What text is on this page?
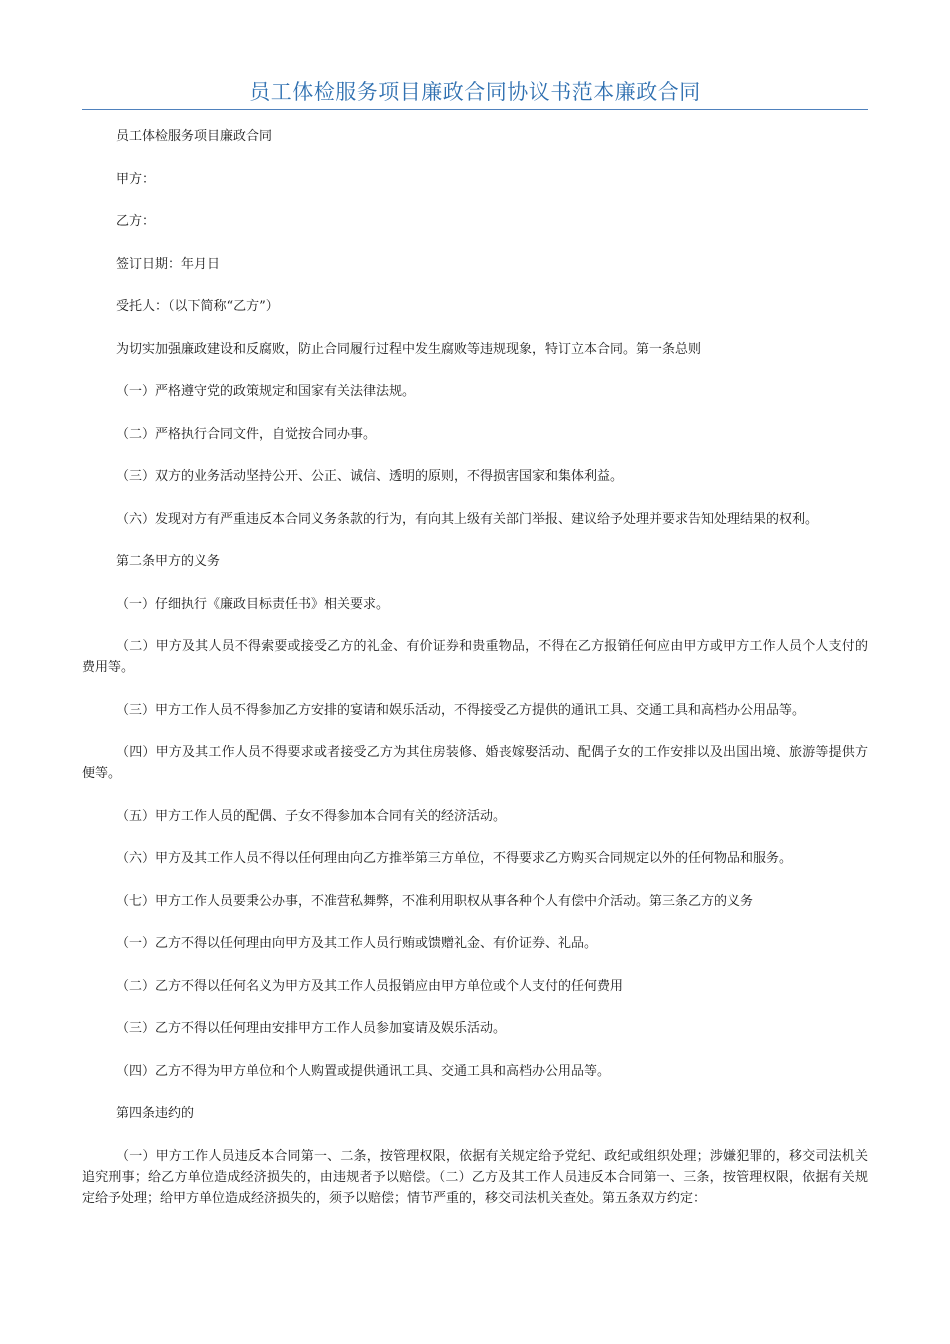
员工体检服务项目廉政合同协议书范本廉政合同

员工体检服务项目廉政合同

甲方：

乙方：

签订日期：年月日

受托人：（以下简称“乙方”）

为切实加强廉政建设和反腐败，防止合同履行过程中发生腐败等违规现象，特订立本合同。第一条总则

（一）严格遵守党的政策规定和国家有关法律法规。

（二）严格执行合同文件，自觉按合同办事。

（三）双方的业务活动坚持公开、公正、诚信、透明的原则，不得损害国家和集体利益。

（六）发现对方有严重违反本合同义务条款的行为，有向其上级有关部门举报、建议给予处理并要求告知处理结果的权利。

第二条甲方的义务

（一）仔细执行《廉政目标责任书》相关要求。

（二）甲方及其人员不得索要或接受乙方的礼金、有价证券和贵重物品，不得在乙方报销任何应由甲方或甲方工作人员个人支付的费用等。

（三）甲方工作人员不得参加乙方安排的宴请和娱乐活动，不得接受乙方提供的通讯工具、交通工具和高档办公用品等。

（四）甲方及其工作人员不得要求或者接受乙方为其住房装修、婚丧嫁娶活动、配偶子女的工作安排以及出国出境、旅游等提供方便等。

（五）甲方工作人员的配偶、子女不得参加本合同有关的经济活动。

（六）甲方及其工作人员不得以任何理由向乙方推举第三方单位，不得要求乙方购买合同规定以外的任何物品和服务。

（七）甲方工作人员要秉公办事，不准营私舞弊，不准利用职权从事各种个人有偿中介活动。第三条乙方的义务

（一）乙方不得以任何理由向甲方及其工作人员行贿或馈赠礼金、有价证券、礼品。

（二）乙方不得以任何名义为甲方及其工作人员报销应由甲方单位或个人支付的任何费用

（三）乙方不得以任何理由安排甲方工作人员参加宴请及娱乐活动。

（四）乙方不得为甲方单位和个人购置或提供通讯工具、交通工具和高档办公用品等。

第四条违约的

（一）甲方工作人员违反本合同第一、二条，按管理权限，依据有关规定给予党纪、政纪或组织处理；涉嫌犯罪的，移交司法机关追究刑事；给乙方单位造成经济损失的，由违规者予以赔偿。（二）乙方及其工作人员违反本合同第一、三条，按管理权限，依据有关规定给予处理；给甲方单位造成经济损失的，须予以赔偿；情节严重的，移交司法机关查处。第五条双方约定：
